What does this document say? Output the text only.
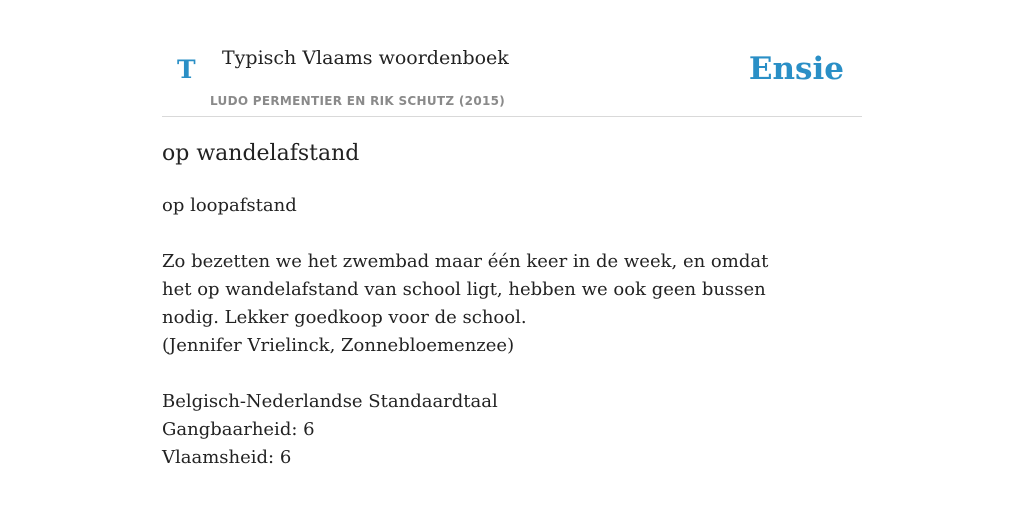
T Typisch Vlaams woordenboek
LUDO PERMENTIER EN RIK SCHUTZ (2015)
Ensie
op wandelafstand
op loopafstand
Zo bezetten we het zwembad maar één keer in de week, en omdat het op wandelafstand van school ligt, hebben we ook geen bussen nodig. Lekker goedkoop voor de school.
(Jennifer Vrielinck, Zonnebloemenzee)
Belgisch-Nederlandse Standaardtaal
Gangbaarheid: 6
Vlaamsheid: 6
